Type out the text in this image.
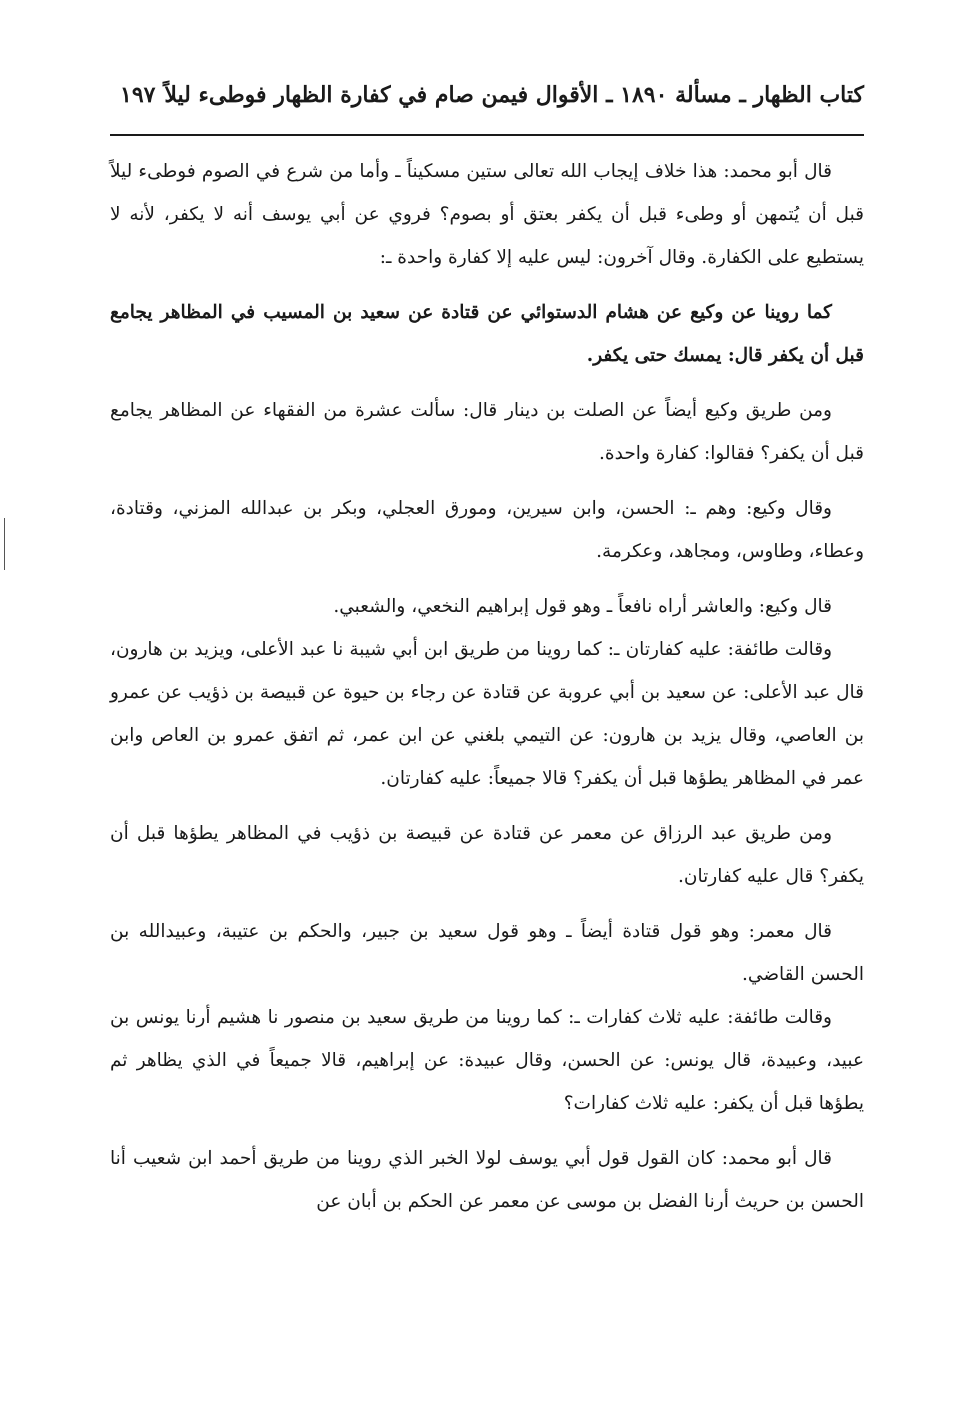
كتاب الظهار ـ مسألة ١٨٩٠ ـ الأقوال فيمن صام في كفارة الظهار فوطىء ليلاً
١٩٧

قال أبو محمد: هذا خلاف إيجاب الله تعالى ستين مسكيناً ـ وأما من شرع في الصوم فوطىء ليلاً قبل أن يُتمهن أو وطىء قبل أن يكفر بعتق أو بصوم؟ فروي عن أبي يوسف أنه لا يكفر، لأنه لا يستطيع على الكفارة. وقال آخرون: ليس عليه إلا كفارة واحدة ـ:

كما روينا عن وكيع عن هشام الدستوائي عن قتادة عن سعيد بن المسيب في المظاهر يجامع قبل أن يكفر قال: يمسك حتى يكفر.

ومن طريق وكيع أيضاً عن الصلت بن دينار قال: سألت عشرة من الفقهاء عن المظاهر يجامع قبل أن يكفر؟ فقالوا: كفارة واحدة.

وقال وكيع: وهم ـ: الحسن، وابن سيرين، ومورق العجلي، وبكر بن عبدالله المزني، وقتادة، وعطاء، وطاوس، ومجاهد، وعكرمة.

قال وكيع: والعاشر أراه نافعاً ـ وهو قول إبراهيم النخعي، والشعبي.

وقالت طائفة: عليه كفارتان ـ: كما روينا من طريق ابن أبي شيبة نا عبد الأعلى، ويزيد بن هارون، قال عبد الأعلى: عن سعيد بن أبي عروبة عن قتادة عن رجاء بن حيوة عن قبيصة بن ذؤيب عن عمرو بن العاصي، وقال يزيد بن هارون: عن التيمي بلغني عن ابن عمر، ثم اتفق عمرو بن العاص وابن عمر في المظاهر يطؤها قبل أن يكفر؟ قالا جميعاً: عليه كفارتان.

ومن طريق عبد الرزاق عن معمر عن قتادة عن قبيصة بن ذؤيب في المظاهر يطؤها قبل أن يكفر؟ قال عليه كفارتان.

قال معمر: وهو قول قتادة أيضاً ـ وهو قول سعيد بن جبير، والحكم بن عتيبة، وعبيدالله بن الحسن القاضي.

وقالت طائفة: عليه ثلاث كفارات ـ: كما روينا من طريق سعيد بن منصور نا هشيم أرنا يونس بن عبيد، وعبيدة، قال يونس: عن الحسن، وقال عبيدة: عن إبراهيم، قالا جميعاً في الذي يظاهر ثم يطؤها قبل أن يكفر: عليه ثلاث كفارات؟

قال أبو محمد: كان القول قول أبي يوسف لولا الخبر الذي روينا من طريق أحمد ابن شعيب أنا الحسن بن حريث أرنا الفضل بن موسى عن معمر عن الحكم بن أبان عن
